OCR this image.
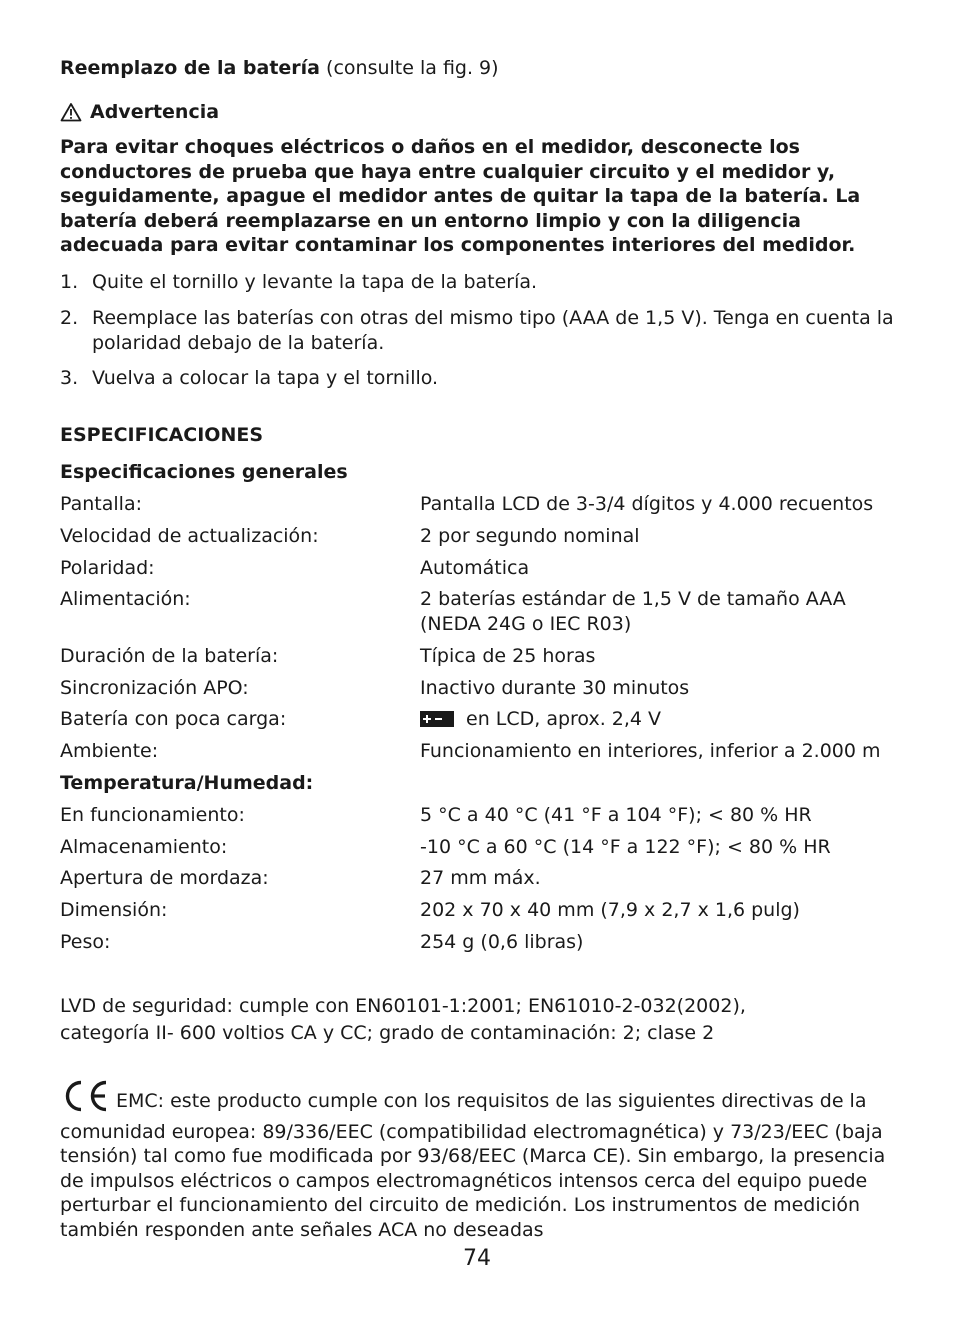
Reemplazo de la batería (consulte la fig. 9)
Advertencia
Para evitar choques eléctricos o daños en el medidor, desconecte los conductores de prueba que haya entre cualquier circuito y el medidor y, seguidamente, apague el medidor antes de quitar la tapa de la batería. La batería deberá reemplazarse en un entorno limpio y con la diligencia adecuada para evitar contaminar los componentes interiores del medidor.
1. Quite el tornillo y levante la tapa de la batería.
2. Reemplace las baterías con otras del mismo tipo (AAA de 1,5 V). Tenga en cuenta la polaridad debajo de la batería.
3. Vuelva a colocar la tapa y el tornillo.
ESPECIFICACIONES
Especificaciones generales
Pantalla:	Pantalla LCD de 3-3/4 dígitos y 4.000 recuentos
Velocidad de actualización:	2 por segundo nominal
Polaridad:	Automática
Alimentación:	2 baterías estándar de 1,5 V de tamaño AAA (NEDA 24G o IEC R03)
Duración de la batería:	Típica de 25 horas
Sincronización APO:	Inactivo durante 30 minutos
Batería con poca carga:	en LCD, aprox. 2,4 V
Ambiente:	Funcionamiento en interiores, inferior a 2.000 m
Temperatura/Humedad:
En funcionamiento:	5 °C a 40 °C (41 °F a 104 °F); < 80 % HR
Almacenamiento:	-10 °C a 60 °C (14 °F a 122 °F); < 80 % HR
Apertura de mordaza:	27 mm máx.
Dimensión:	202 x 70 x 40 mm (7,9 x 2,7 x 1,6 pulg)
Peso:	254 g (0,6 libras)
LVD de seguridad: cumple con EN60101-1:2001; EN61010-2-032(2002),
categoría II- 600 voltios CA y CC; grado de contaminación: 2; clase 2
EMC: este producto cumple con los requisitos de las siguientes directivas de la comunidad europea: 89/336/EEC (compatibilidad electromagnética) y 73/23/EEC (baja tensión) tal como fue modificada por 93/68/EEC (Marca CE). Sin embargo, la presencia de impulsos eléctricos o campos electromagnéticos intensos cerca del equipo puede perturbar el funcionamiento del circuito de medición. Los instrumentos de medición también responden ante señales ACA no deseadas
74
